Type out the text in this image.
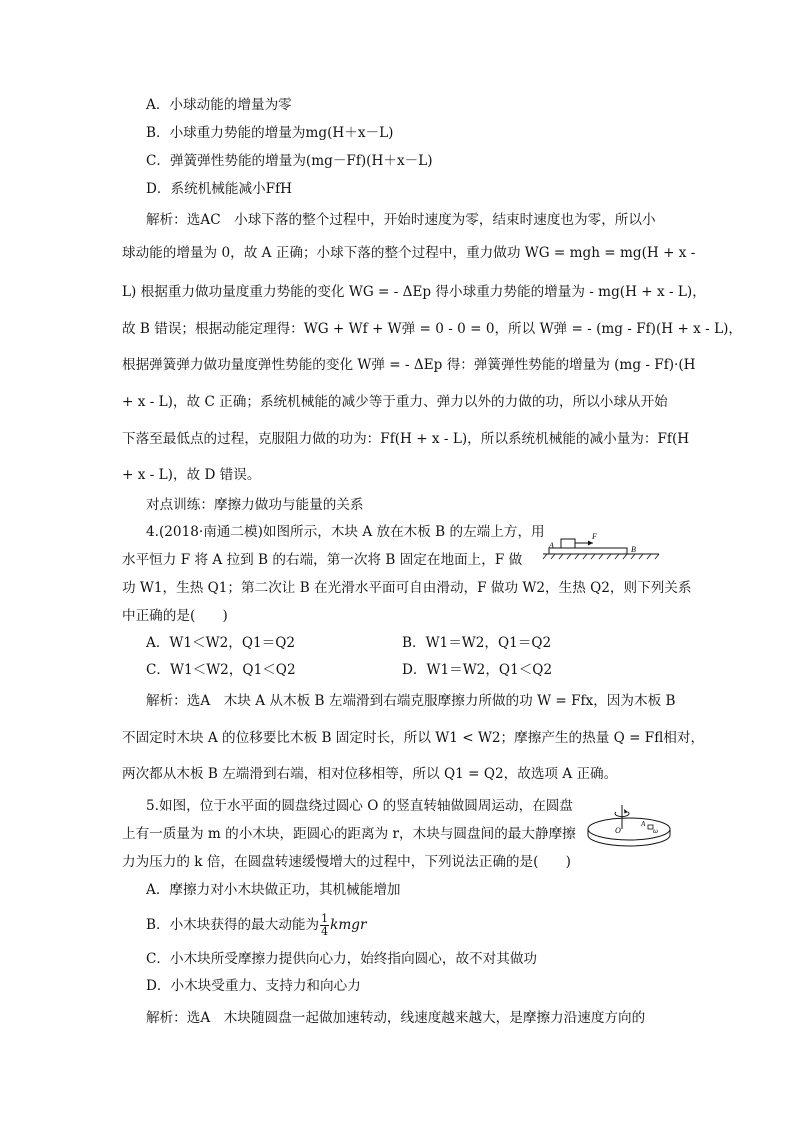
A．小球动能的增量为零
B．小球重力势能的增量为mg(H＋x－L)
C．弹簧弹性势能的增量为(mg－Ff)(H＋x－L)
D．系统机械能减小FfH
解析：选AC　小球下落的整个过程中，开始时速度为零，结束时速度也为零，所以小
球动能的增量为 0，故 A 正确；小球下落的整个过程中，重力做功 WG = mgh = mg(H + x -
L) 根据重力做功量度重力势能的变化 WG = - ΔEp 得小球重力势能的增量为 - mg(H + x - L)，
故 B 错误；根据动能定理得：WG + Wf + W弹 = 0 - 0 = 0，所以 W弹 = - (mg - Ff)(H + x - L)，
根据弹簧弹力做功量度弹性势能的变化 W弹 = - ΔEp 得：弹簧弹性势能的增量为 (mg - Ff)·(H
+ x - L)，故 C 正确；系统机械能的减少等于重力、弹力以外的力做的功，所以小球从开始
下落至最低点的过程，克服阻力做的功为：Ff(H + x - L)，所以系统机械能的减小量为：Ff(H
+ x - L)，故 D 错误。
对点训练：摩擦力做功与能量的关系
4.(2018·南通二模)如图所示，木块 A 放在木板 B 的左端上方，用
水平恒力 F 将 A 拉到 B 的右端，第一次将 B 固定在地面上，F 做
功 W1，生热 Q1；第二次让 B 在光滑水平面可自由滑动，F 做功 W2，生热 Q2，则下列关系
中正确的是(　　)
A
F
B
A．W1＜W2，Q1＝Q2	B．W1＝W2，Q1＝Q2
C．W1＜W2，Q1＜Q2	D．W1＝W2，Q1＜Q2
解析：选A　木块 A 从木板 B 左端滑到右端克服摩擦力所做的功 W = Ffx，因为木板 B
不固定时木块 A 的位移要比木板 B 固定时长，所以 W1 < W2；摩擦产生的热量 Q = Ffl相对，
两次都从木板 B 左端滑到右端，相对位移相等，所以 Q1 = Q2，故选项 A 正确。
5.如图，位于水平面的圆盘绕过圆心 O 的竖直转轴做圆周运动，在圆盘
上有一质量为 m 的小木块，距圆心的距离为 r，木块与圆盘间的最大静摩擦
力为压力的 k 倍，在圆盘转速缓慢增大的过程中，下列说法正确的是(　　)
O
A
ω
A．摩擦力对小木块做正功，其机械能增加
B．小木块获得的最大动能为 $\frac{1}{4}$ kmgr
C．小木块所受摩擦力提供向心力，始终指向圆心，故不对其做功
D．小木块受重力、支持力和向心力
解析：选A　木块随圆盘一起做加速转动，线速度越来越大，是摩擦力沿速度方向的
